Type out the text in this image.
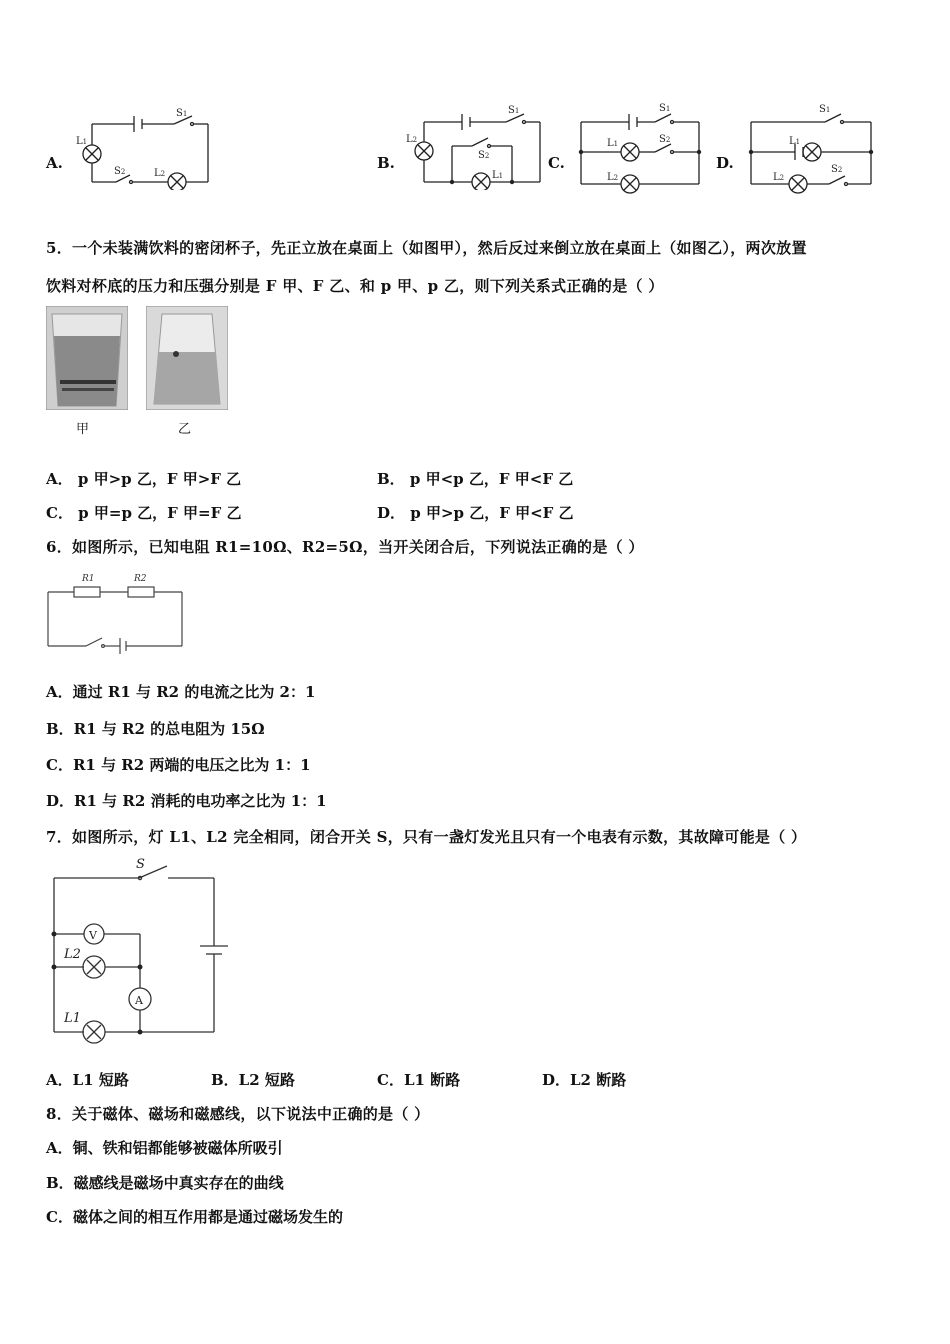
A.
L1
S1
S2	L2
B.
L2
S1
S2
L1
C.
S1
L1	S2
L2
D.
S1
L1
L2
S2
5．一个未装满饮料的密闭杯子，先正立放在桌面上（如图甲），然后反过来倒立放在桌面上（如图乙），两次放置
饮料对杯底的压力和压强分别是 F 甲、F 乙、和 p 甲、p 乙，则下列关系式正确的是（ ）
甲	乙
A． p 甲>p 乙，F 甲>F 乙	B． p 甲<p 乙，F 甲<F 乙
C． p 甲=p 乙，F 甲=F 乙	D． p 甲>p 乙，F 甲<F 乙
6．如图所示，已知电阻 R1=10Ω、R2=5Ω，当开关闭合后，下列说法正确的是（ ）
R1	R2
A．通过 R1 与 R2 的电流之比为 2：1
B．R1 与 R2 的总电阻为 15Ω
C．R1 与 R2 两端的电压之比为 1：1
D．R1 与 R2 消耗的电功率之比为 1：1
7．如图所示，灯 L1、L2 完全相同，闭合开关 S，只有一盏灯发光且只有一个电表有示数，其故障可能是（ ）
S
V
A
L2
L1
A．L1 短路	B．L2 短路	C．L1 断路	D．L2 断路
8．关于磁体、磁场和磁感线，以下说法中正确的是（ ）
A．铜、铁和铝都能够被磁体所吸引
B．磁感线是磁场中真实存在的曲线
C．磁体之间的相互作用都是通过磁场发生的
